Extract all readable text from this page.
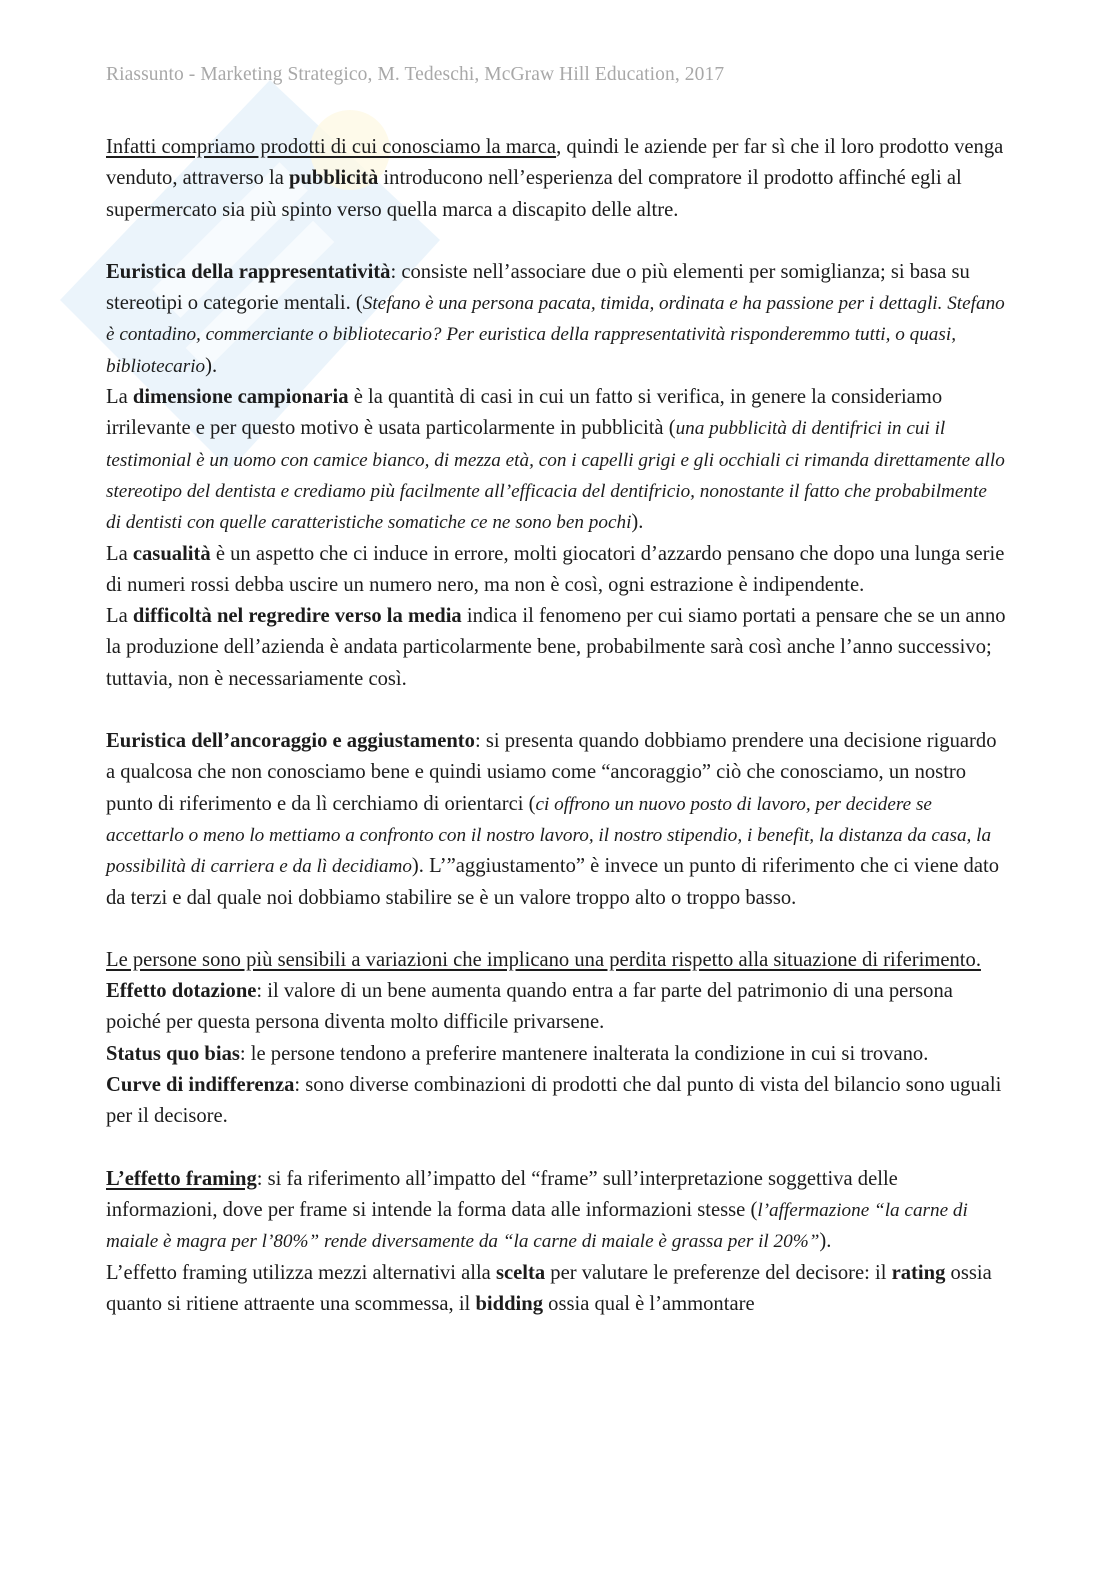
Riassunto - Marketing Strategico, M. Tedeschi, McGraw Hill Education, 2017

Infatti compriamo prodotti di cui conosciamo la marca, quindi le aziende per far sì che il loro prodotto venga venduto, attraverso la pubblicità introducono nell’esperienza del compratore il prodotto affinché egli al supermercato sia più spinto verso quella marca a discapito delle altre.

Euristica della rappresentatività: consiste nell’associare due o più elementi per somiglianza; si basa su stereotipi o categorie mentali. (Stefano è una persona pacata, timida, ordinata e ha passione per i dettagli. Stefano è contadino, commerciante o bibliotecario? Per euristica della rappresentatività risponderemmo tutti, o quasi, bibliotecario).

La dimensione campionaria è la quantità di casi in cui un fatto si verifica, in genere la consideriamo irrilevante e per questo motivo è usata particolarmente in pubblicità (una pubblicità di dentifrici in cui il testimonial è un uomo con camice bianco, di mezza età, con i capelli grigi e gli occhiali ci rimanda direttamente allo stereotipo del dentista e crediamo più facilmente all’efficacia del dentifricio, nonostante il fatto che probabilmente di dentisti con quelle caratteristiche somatiche ce ne sono ben pochi).

La casualità è un aspetto che ci induce in errore, molti giocatori d’azzardo pensano che dopo una lunga serie di numeri rossi debba uscire un numero nero, ma non è così, ogni estrazione è indipendente.

La difficoltà nel regredire verso la media indica il fenomeno per cui siamo portati a pensare che se un anno la produzione dell’azienda è andata particolarmente bene, probabilmente sarà così anche l’anno successivo; tuttavia, non è necessariamente così.

Euristica dell’ancoraggio e aggiustamento: si presenta quando dobbiamo prendere una decisione riguardo a qualcosa che non conosciamo bene e quindi usiamo come “ancoraggio” ciò che conosciamo, un nostro punto di riferimento e da lì cerchiamo di orientarci (ci offrono un nuovo posto di lavoro, per decidere se accettarlo o meno lo mettiamo a confronto con il nostro lavoro, il nostro stipendio, i benefit, la distanza da casa, la possibilità di carriera e da lì decidiamo). L’”aggiustamento” è invece un punto di riferimento che ci viene dato da terzi e dal quale noi dobbiamo stabilire se è un valore troppo alto o troppo basso.

Le persone sono più sensibili a variazioni che implicano una perdita rispetto alla situazione di riferimento.

Effetto dotazione: il valore di un bene aumenta quando entra a far parte del patrimonio di una persona poiché per questa persona diventa molto difficile privarsene.

Status quo bias: le persone tendono a preferire mantenere inalterata la condizione in cui si trovano.

Curve di indifferenza: sono diverse combinazioni di prodotti che dal punto di vista del bilancio sono uguali per il decisore.

L’effetto framing: si fa riferimento all’impatto del “frame” sull’interpretazione soggettiva delle informazioni, dove per frame si intende la forma data alle informazioni stesse (l’affermazione “la carne di maiale è magra per l’80%” rende diversamente da “la carne di maiale è grassa per il 20%”).

L’effetto framing utilizza mezzi alternativi alla scelta per valutare le preferenze del decisore: il rating ossia quanto si ritiene attraente una scommessa, il bidding ossia qual è l’ammontare
